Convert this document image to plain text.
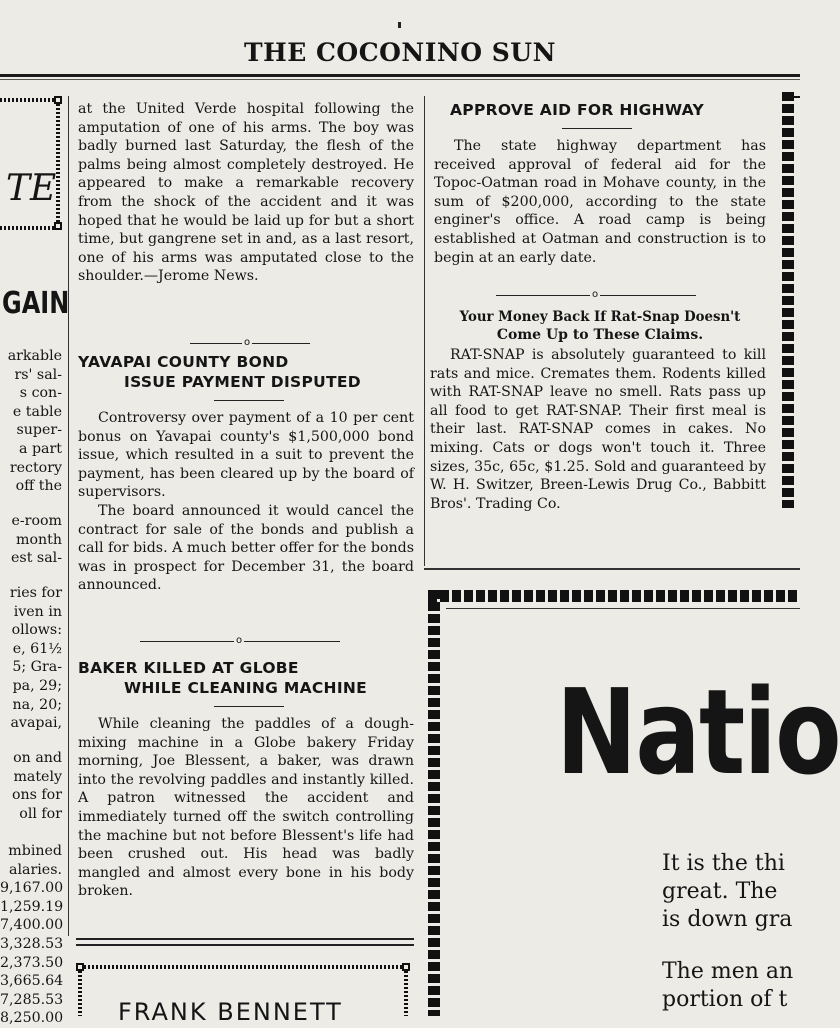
THE COCONINO SUN
TE
GAIN
arkable
rs' sal-
s con-
e table
super-
a part
rectory
off the
e-room
month
est sal-
ries for
iven in
ollows:
e, 61½
5; Gra-
pa, 29;
na, 20;
avapai,
on and
mately
ons for
oll for
mbined
alaries.
9,167.00
1,259.19
7,400.00
3,328.53
2,373.50
3,665.64
7,285.53
8,250.00

at the United Verde hospital following the amputation of one of his arms. The boy was badly burned last Saturday, the flesh of the palms being almost completely destroyed. He appeared to make a remarkable recovery from the shock of the accident and it was hoped that he would be laid up for but a short time, but gangrene set in and, as a last resort, one of his arms was amputated close to the shoulder.—Jerome News.

o
YAVAPAI COUNTY BOND
ISSUE PAYMENT DISPUTED

Controversy over payment of a 10 per cent bonus on Yavapai county's $1,500,000 bond issue, which resulted in a suit to prevent the payment, has been cleared up by the board of supervisors.

The board announced it would cancel the contract for sale of the bonds and publish a call for bids. A much better offer for the bonds was in prospect for December 31, the board announced.

o
BAKER KILLED AT GLOBE
WHILE CLEANING MACHINE

While cleaning the paddles of a dough-mixing machine in a Globe bakery Friday morning, Joe Blessent, a baker, was drawn into the revolving paddles and instantly killed. A patron witnessed the accident and immediately turned off the switch controlling the machine but not before Blessent's life had been crushed out. His head was badly mangled and almost every bone in his body broken.

FRANK BENNETT
APPROVE AID FOR HIGHWAY

The state highway department has received approval of federal aid for the Topoc-Oatman road in Mohave county, in the sum of $200,000, according to the state enginer's office. A road camp is being established at Oatman and construction is to begin at an early date.

o
Your Money Back If Rat-Snap Doesn't
Come Up to These Claims.

RAT-SNAP is absolutely guaranteed to kill rats and mice. Cremates them. Rodents killed with RAT-SNAP leave no smell. Rats pass up all food to get RAT-SNAP. Their first meal is their last. RAT-SNAP comes in cakes. No mixing. Cats or dogs won't touch it. Three sizes, 35c, 65c, $1.25. Sold and guaranteed by W. H. Switzer, Breen-Lewis Drug Co., Babbitt Bros'. Trading Co.

Natio
It is the thi
great. The
is down gra
The men an
portion of t
